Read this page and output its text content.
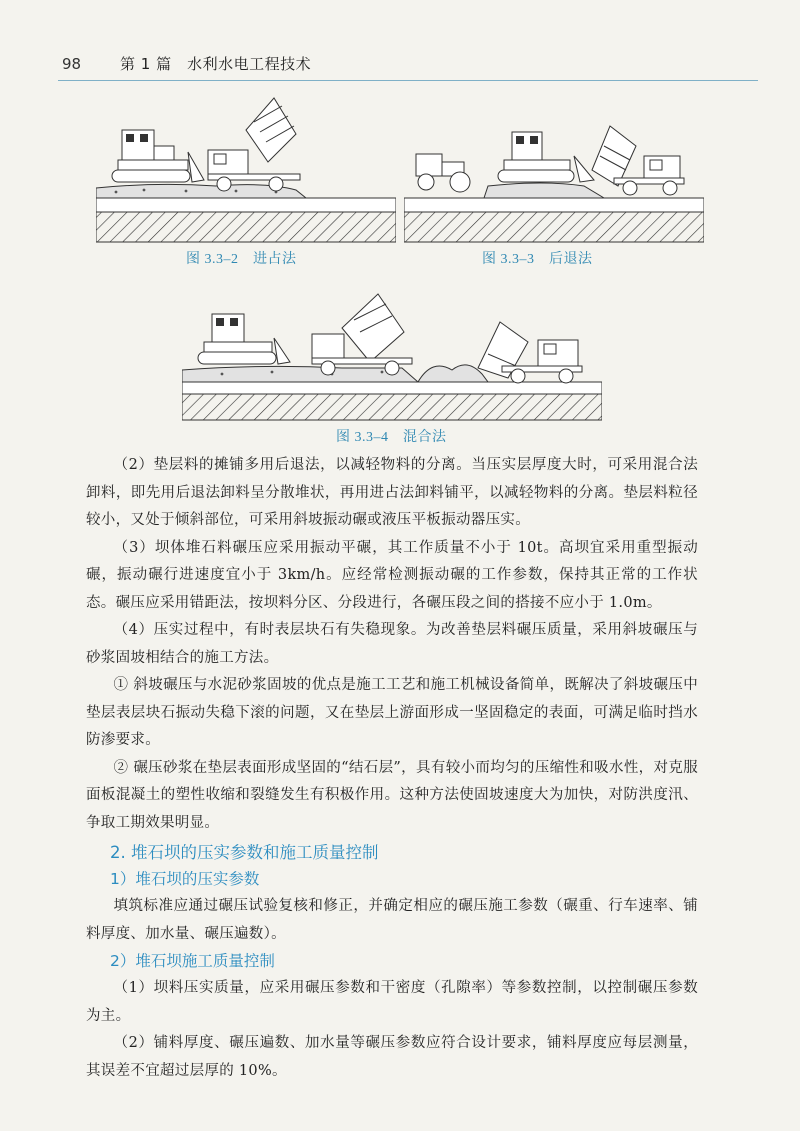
98	第 1 篇　水利水电工程技术
图 3.3–2　进占法	图 3.3–3　后退法
图 3.3–4　混合法

（2）垫层料的摊铺多用后退法，以减轻物料的分离。当压实层厚度大时，可采用混合法卸料，即先用后退法卸料呈分散堆状，再用进占法卸料铺平，以减轻物料的分离。垫层料粒径较小，又处于倾斜部位，可采用斜坡振动碾或液压平板振动器压实。

（3）坝体堆石料碾压应采用振动平碾，其工作质量不小于 10t。高坝宜采用重型振动碾，振动碾行进速度宜小于 3km/h。应经常检测振动碾的工作参数，保持其正常的工作状态。碾压应采用错距法，按坝料分区、分段进行，各碾压段之间的搭接不应小于 1.0m。

（4）压实过程中，有时表层块石有失稳现象。为改善垫层料碾压质量，采用斜坡碾压与砂浆固坡相结合的施工方法。

① 斜坡碾压与水泥砂浆固坡的优点是施工工艺和施工机械设备简单，既解决了斜坡碾压中垫层表层块石振动失稳下滚的问题，又在垫层上游面形成一坚固稳定的表面，可满足临时挡水防渗要求。

② 碾压砂浆在垫层表面形成坚固的“结石层”，具有较小而均匀的压缩性和吸水性，对克服面板混凝土的塑性收缩和裂缝发生有积极作用。这种方法使固坡速度大为加快，对防洪度汛、争取工期效果明显。

2. 堆石坝的压实参数和施工质量控制
1）堆石坝的压实参数

填筑标准应通过碾压试验复核和修正，并确定相应的碾压施工参数（碾重、行车速率、铺料厚度、加水量、碾压遍数）。

2）堆石坝施工质量控制

（1）坝料压实质量，应采用碾压参数和干密度（孔隙率）等参数控制，以控制碾压参数为主。

（2）铺料厚度、碾压遍数、加水量等碾压参数应符合设计要求，铺料厚度应每层测量，其误差不宜超过层厚的 10%。
